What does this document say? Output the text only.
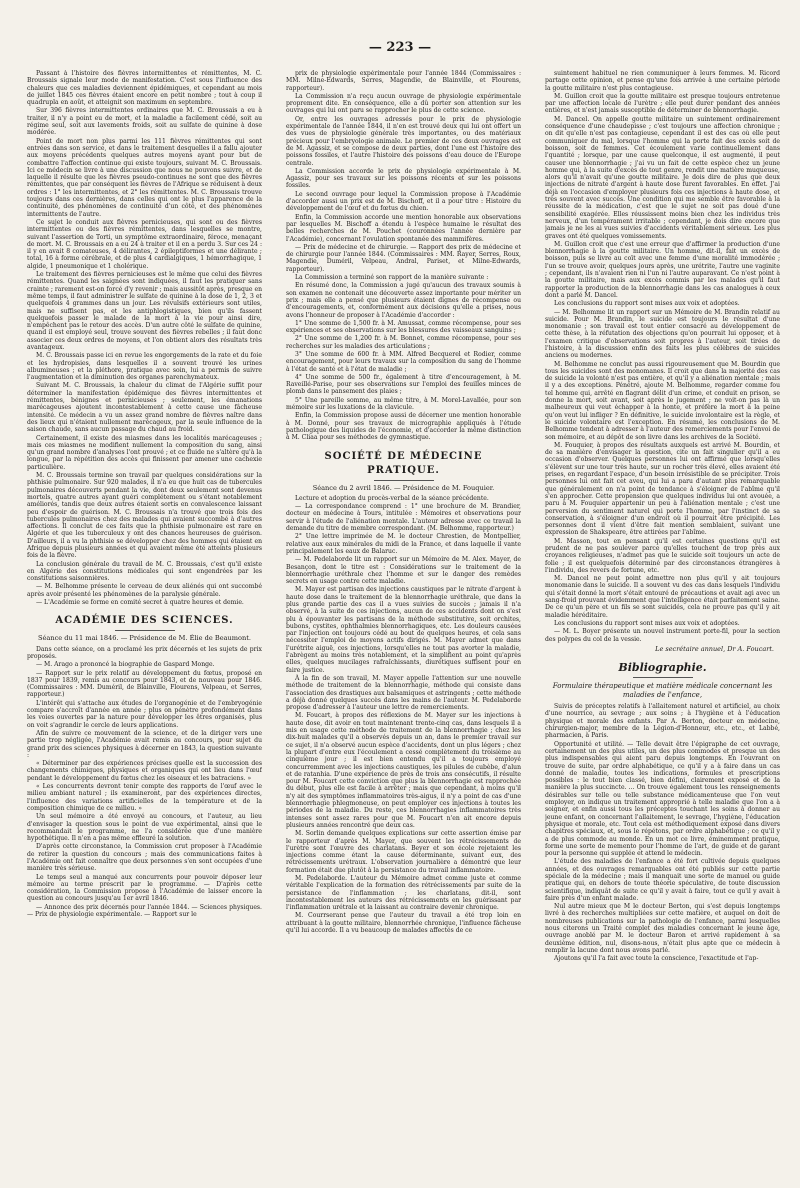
— 223 —

Passant à l'histoire des fièvres intermittentes et rémittentes, M. C. Broussais signale leur mode de manifestation. C'est sous l'influence des chaleurs que ces maladies deviennent épidémiques, et cependant au mois de juillet 1845 ces fièvres étaient encore en petit nombre ; tout à coup il quadrupla en août, et atteignit son maximum en septembre.

Sur 396 fièvres intermittentes ordinaires que M. C. Broussais a eu à traiter, il n'y a point eu de mort, et la maladie a facilement cédé, soit au régime seul, soit aux lavements froids, soit au sulfate de quinine à dose modérée.

Point de mort non plus parmi les 111 fièvres rémittentes qui sont entrées dans son service, et dans le traitement desquelles il a fallu ajouter aux moyens précédents quelques autres moyens ayant pour but de combattre l'affection continue qui existe toujours, suivant M. C. Broussais. Ici ce médecin se livre à une discussion que nous ne pouvons suivre, et de laquelle il résulte que les fièvres pseudo-continues ne sont que des fièvres rémittentes, que par conséquent les fièvres de l'Afrique se réduisent à deux ordres : 1° les intermittentes, et 2° les rémittentes. M. C. Broussais trouve toujours dans ces dernières, dans celles qui ont le plus l'apparence de la continuité, des phénomènes de continuité d'un côté, et des phénomènes intermittents de l'autre.

Ce sujet le conduit aux fièvres pernicieuses, qui sont ou des fièvres intermittentes ou des fièvres rémittentes, dans lesquelles se montre, suivant l'assertion de Torti, un symptôme extraordinaire, féroce, menaçant de mort. M. C. Broussais en a eu 24 à traiter et il en a perdu 3. Sur ces 24 : il y en avait 8 comateuses, 4 délirantes, 2 épileptiformes et une délirante ; total, 16 à forme cérébrale, et de plus 4 cardialgiques, 1 hémorrhagique, 1 algide, 1 pneumonique et 1 cholérique.

Le traitement des fièvres pernicieuses est le même que celui des fièvres rémittentes. Quand les saignées sont indiquées, il faut les pratiquer sans crainte ; rarement est-on forcé d'y revenir ; mais aussitôt après, presque en même temps, il faut administrer le sulfate de quinine à la dose de 1, 2, 3 et quelquefois 4 grammes dans un jour. Les révulsifs extérieurs sont utiles, mais ne suffisent pas, et les antiphlogistiques, bien qu'ils fassent quelquefois passer le malade de la mort à la vie pour ainsi dire, n'empêchent pas le retour des accès. D'un autre côté le sulfate de quinine, quand il est employé seul, trouve souvent des fièvres rebelles ; il faut donc associer ces deux ordres de moyens, et l'on obtient alors des résultats très avantageux.

M. C. Broussais passe ici en revue les engorgements de la rate et du foie et les hydropisies, dans lesquelles il a souvent trouvé les urines albumineuses ; et la pléthore, pratique avec soin, lui a permis de suivre l'augmentation et la diminution des organes parenchymateux.

Suivant M. C. Broussais, la chaleur du climat de l'Algérie suffit pour déterminer la manifestation épidémique des fièvres intermittentes et rémittentes, bénignes et pernicieuses ; seulement, les émanations marécageuses ajoutent incontestablement à cette cause une fâcheuse intensité. Ce médecin a vu un assez grand nombre de fièvres naître dans des lieux qui n'étaient nullement marécageux, par la seule influence de la saison chaude, sans aucun passage du chaud au froid.

Certainement, il existe des miasmes dans les localités marécageuses ; mais ces miasmes ne modifient nullement la composition du sang, ainsi qu'un grand nombre d'analyses l'ont prouvé ; et ce fluide ne s'altère qu'à la longue, par la répétition des accès qui finissent par amener une cachexie particulière.

M. C. Broussais termine son travail par quelques considérations sur la phthisie pulmonaire. Sur 920 malades, il n'a eu que huit cas de tubercules pulmonaires découverts pendant la vie, dont deux seulement sont devenus mortels, quatre autres ayant guéri complétement ou s'étant notablement améliorés, tandis que deux autres étaient sortis en convalescence laissant peu d'espoir de guérison. M. C. Broussais n'a trouvé que trois fois des tubercules pulmonaires chez des malades qui avaient succombé à d'autres affections. Il conclut de ces faits que la phthisie pulmonaire est rare en Algérie et que les tuberculeux y ont des chances heureuses de guérison. D'ailleurs, il a vu la phthisie se développer chez des hommes qui étaient en Afrique depuis plusieurs années et qui avaient même été atteints plusieurs fois de la fièvre.

La conclusion générale du travail de M. C. Broussais, c'est qu'il existe en Algérie des constitutions médicales qui sont engendrées par les constitutions saisonnières.

— M. Belhomme présente le cerveau de deux aliénés qui ont succombé après avoir présenté les phénomènes de la paralysie générale.

— L'Académie se forme en comité secret à quatre heures et demie.

ACADÉMIE DES SCIENCES.
Séance du 11 mai 1846. — Présidence de M. Élie de Beaumont.

Dans cette séance, on a proclamé les prix décernés et les sujets de prix proposés.

— M. Arago a prononcé la biographie de Gaspard Monge.

— Rapport sur le prix relatif au développement du fœtus, proposé en 1837 pour 1839, remis au concours pour 1843, et de nouveau pour 1846. (Commissaires : MM. Duméril, de Blainville, Flourens, Velpeau, et Serres, rapporteur.)

L'intérêt qui s'attache aux études de l'organogénie et de l'embryogénie compare s'accroît d'année en année ; plus on pénètre profondément dans les voies ouvertes par la nature pour développer les êtres organisés, plus on voit s'agrandir le cercle de leurs applications.

Afin de suivre ce mouvement de la science, et de la diriger vers une partie trop négligée, l'Académie avait remis au concours, pour sujet du grand prix des sciences physiques à décerner en 1843, la question suivante :

« Déterminer par des expériences précises quelle est la succession des changements chimiques, physiques et organiques qui ont lieu dans l'œuf pendant le développement du fœtus chez les oiseaux et les batraciens. »

« Les concurrents devront tenir compte des rapports de l'œuf avec le milieu ambiant naturel ; ils examineront, par des expériences directes, l'influence des variations artificielles de la température et de la composition chimique de ce milieu. »

Un seul mémoire a été envoyé au concours, et l'auteur, au lieu d'envisager la question sous le point de vue expérimental, ainsi que le recommandait le programme, ne l'a considérée que d'une manière hypothétique. Il n'en a pas même effleuré la solution.

D'après cette circonstance, la Commission crut proposer à l'Académie de retirer la question du concours ; mais des communications faites à l'Académie ont fait connaître que deux personnes s'en sont occupées d'une manière très sérieuse.

Le temps seul a manqué aux concurrents pour pouvoir déposer leur mémoire au terme prescrit par le programme. — D'après cette considération, la Commission propose à l'Académie de laisser encore la question au concours jusqu'au 1er avril 1846.

— Annonce des prix décernés pour l'année 1844. — Sciences physiques. — Prix de physiologie expérimentale. — Rapport sur le

prix de physiologie expérimentale pour l'année 1844 (Commissaires : MM. Milne-Edwards, Serres, Magendie, de Blainville, et Flourens, rapporteur).

La Commission n'a reçu aucun ouvrage de physiologie expérimentale proprement dite. En conséquence, elle a dû porter son attention sur les ouvrages qui lui ont paru se rapprocher le plus de cette science.

Or, entre les ouvrages adressés pour le prix de physiologie expérimentale de l'année 1844, il n'en est trouvé deux qui lui ont offert un des vues de physiologie générale très importantes, ou des matériaux précieux pour l'embryologie animale. Le premier de ces deux ouvrages est de M. Agassiz, et se compose de deux parties, dont l'une est l'histoire des poissons fossiles, et l'autre l'histoire des poissons d'eau douce de l'Europe centrale.

La Commission accorde le prix de physiologie expérimentale à M. Agassiz, pour ses travaux sur les poissons récents et sur les poissons fossiles.

Le second ouvrage pour lequel la Commission propose à l'Académie d'accorder aussi un prix est de M. Bischoff, et il a pour titre : Histoire du développement de l'œuf et du fœtus du chien.

Enfin, la Commission accorde une mention honorable aux observations par lesquelles M. Bischoff a étendu à l'espèce humaine le résultat des belles recherches de M. Pouchet (couronnées l'année dernière par l'Académie), concernant l'ovulation spontanée des mammifères.

— Prix de médecine et de chirurgie. — Rapport des prix de médecine et de chirurgie pour l'année 1844. (Commissaires : MM. Rayer, Serres, Roux, Magendie, Duméril, Velpeau, Andral, Pariset, et Milne-Edwards, rapporteur).

La Commission a terminé son rapport de la manière suivante :

En résumé donc, la Commission a jugé qu'aucun des travaux soumis à son examen ne contenait une découverte assez importante pour mériter un prix ; mais elle a pensé que plusieurs étaient dignes de récompense ou d'encouragements, et, conformément aux décisions qu'elle a prises, nous avons l'honneur de proposer à l'Académie d'accorder :

1° Une somme de 1,500 fr. à M. Amussat, comme récompense, pour ses expériences et ses observations sur les blessures des vaisseaux sanguins ;

2° Une somme de 1,200 fr. à M. Bonnet, comme récompense, pour ses recherches sur les maladies des articulations ;

3° Une somme de 600 fr. à MM. Alfred Becquerel et Rodier, comme encouragement, pour leurs travaux sur la composition du sang de l'homme à l'état de santé et à l'état de maladie ;

4° Une somme de 500 fr., également à titre d'encouragement, à M. Raveillé-Parise, pour ses observations sur l'emploi des feuilles minces de plomb dans le pansement des plaies ;

5° Une pareille somme, au même titre, à M. Morel-Lavallée, pour son mémoire sur les luxations de la clavicule.

Enfin, la Commission propose aussi de décerner une mention honorable à M. Donné, pour ses travaux de micrographie appliqués à l'étude pathologique des liquides de l'économie, et d'accorder la même distinction à M. Cliaa pour ses méthodes de gymnastique.

SOCIÉTÉ DE MÉDECINE PRATIQUE.
Séance du 2 avril 1846. — Présidence de M. Fouquier.

Lecture et adoption du procès-verbal de la séance précédente.

— La correspondance comprend : 1° une brochure de M. Brandier, docteur en médecine à Tours, intitulée : Mémoires et observations pour servir à l'étude de l'aliénation mentale. L'auteur adresse avec ce travail la demande du titre de membre correspondant. (M. Belhomme, rapporteur.)

2° Une lettre imprimée de M. le docteur Chrestien, de Montpellier, relative aux eaux minérales du midi de la France, et dans laquelle il vante principalement les eaux de Balaruc.

— M. Pedelaborde lit un rapport sur un Mémoire de M. Alex. Mayer, de Besançon, dont le titre est : Considérations sur le traitement de la blennorrhagie uréthrale chez l'homme et sur le danger des remèdes secrets en usage contre cette maladie.

M. Mayer est partisan des injections caustiques par le nitrate d'argent à haute dose dans le traitement de la blennorrhagie uréthrale, que dans la plus grande partie des cas il a vues suivies de succès ; jamais il n'a observé, à la suite de ces injections, aucun de ces accidents dont on s'est plu à épouvanter les partisans de la méthode substitutive, soit orchites, bubons, cystites, ophthalmies blennorrhagiques, etc. Les douleurs causées par l'injection ont toujours cédé au bout de quelques heures, et cela sans nécessiter l'emploi de moyens actifs dirigés. M. Mayer admet que dans l'urétrite aiguë, ces injections, lorsqu'elles ne tout pas avorter la maladie, l'abrègent au moins très notablement, et la simplifient au point qu'après elles, quelques mucilages rafraîchissants, diurétiques suffisent pour en faire justice.

À la fin de son travail, M. Mayer appelle l'attention sur une nouvelle méthode de traitement de la blennorrhagie, méthode qui consiste dans l'association des drastiques aux balsamiques et astringents ; cette méthode a déjà donné quelques succès dans les mains de l'auteur. M. Pedelaborde propose d'adresser à l'auteur une lettre de remerciements.

M. Foucart, à propos des réflexions de M. Mayer sur les injections à haute dose, dit avoir en tout maintenant trente-cinq cas, dans lesquels il a mis en usage cette méthode de traitement de la blennorrhagie ; chez les dix-huit malades qu'il a observés depuis un an, dans le premier travail sur ce sujet, il n'a observé aucun espèce d'accidents, dont un plus légers ; chez la plupart d'entre eux l'écoulement a cessé complètement du troisième au cinquième jour ; il est bien entendu qu'il a toujours employé concurremment avec les injections caustiques, les pilules de cubèbe, d'alun et de ratanhia. D'une expérience de près de trois ans consécutifs, il résulte pour M. Foucart cette conviction que plus la blennorrhagie est rapprochée du début, plus elle est facile à arrêter ; mais que cependant, à moins qu'il n'y ait des symptômes inflammatoires très-aigus, il n'y a point de cas d'une blennorrhagie phlegmoneuse, on peut employer ces injections à toutes les périodes de la maladie. Du reste, ces blennorrhagies inflammatoires très intenses sont assez rares pour que M. Foucart n'en ait encore depuis plusieurs années rencontré que deux cas.

M. Sorlin demande quelques explications sur cette assertion émise par le rapporteur d'après M. Mayer, que souvent les rétrécissements de l'urètre sont l'œuvre des charlatans. Beyer et son école rejetaient les injections comme étant la cause déterminante, suivant eux, des rétrécissements urétraux. L'observation journalière a démontré que leur formation était due plutôt à la persistance du travail inflammatoire.

M. Pedelaborde. L'auteur du Mémoire admet comme juste et comme véritable l'explication de la formation des rétrécissements par suite de la persistance de l'inflammation ; les charlatans, dit-il, sont incontestablement les auteurs des rétrécissements en les guérissant par l'inflammation urétrale et la laissant au contraire devenir chronique.

M. Courrserant pense que l'auteur du travail a été trop loin en attribuant à la goutte militaire, blennorrhée chronique, l'influence fâcheuse qu'il lui accorde. Il a vu beaucoup de malades affectés de ce

suintement habituel ne rien communiquer à leurs femmes. M. Ricord partage cette opinion, et pense qu'une fois arrivée à une certaine période la goutte militaire n'est plus contagieuse.

M. Guillon croit que la goutte militaire est presque toujours entretenue par une affection locale de l'urètre ; elle peut durer pendant des années entières, et n'est jamais susceptible de déterminer de blennorrhagie.

M. Dancel. On appelle goutte militaire un suintement ordinairement conséquence d'une chaudepisse ; c'est toujours une affection chronique ; on dit qu'elle n'est pas contagieuse, cependant il est des cas où elle peut communiquer du mal, lorsque l'homme qui la porte fait des excès soit de boisson, soit de femmes. Cet écoulement varie continuellement dans l'quantité ; lorsque, par une cause quelconque, il est augmenté, il peut causer une blennorrhagie ; j'ai vu un fait de cette espèce chez un jeune homme qui, à la suite d'excès de tout genre, rendit une matière muqueuse, alors qu'il n'avait qu'une goutte militaire. Je dois dire de plus que deux injections de nitrate d'argent à haute dose furent favorables. En effet. J'ai déjà en l'occasion d'employer plusieurs fois ces injections à haute dose, et très souvent avec succès. Une condition qui me semble être favorable à la réussite de la médication, c'est que le sujet ne soit pas doué d'une sensibilité exagérée. Elles réussissent moins bien chez les individus très nerveux, d'un tempérament irritable ; cependant, je dois dire encore que jamais je ne les ai vues suivies d'accidents véritablement sérieux. Les plus graves ont été quelques vomissements.

M. Guillon croit que c'est une erreur que d'affirmer la production d'une blennorrhagie à la goutte militaire. Un homme, dit-il, fait un excès de boisson, puis se livre au coït avec une femme d'une moralité immodérée ; l'un se trouve avoir, quelques jours après, une urétrite, l'autre une vaginite ; cependant, ils n'avaient rien ni l'un ni l'autre auparavant. Ce n'est point à la goutte militaire, mais aux excès commis par les malades qu'il faut rapporter la production de la blennorrhagie dans les cas analogues à ceux dont a parlé M. Dancel.

Les conclusions du rapport sont mises aux voix et adoptées.

— M. Belhomme lit un rapport sur un Mémoire de M. Brandin relatif au suicide. Pour M. Brandin, le suicide est toujours le résultat d'une monomanie ; son travail est tout entier consacré au développement de cette thèse, à la réfutation des objections qu'on pourrait lui opposer, et à l'examen critique d'observations soit propres à l'auteur, soit tirées de l'histoire, à la discussion enfin des faits les plus célèbres de suicides anciens ou modernes.

M. Belhomme ne conclut pas aussi rigoureusement que M. Bourdin que tous les suicides sont des monomanes. Il croit que dans la majorité des cas de suicide la volonté n'est pas entière, et qu'il y a aliénation mentale ; mais il y a des exceptions. Pénétré, ajoute M. Belhomme, regarder comme fou tel homme qui, arrêté en flagrant délit d'un crime, et conduit en prison, se donne la mort, soit avant, soit après le jugement ; ne voit-on pas là un malheureux qui veut échapper à la honte, et préfère la mort à la peine qu'on veut lui infliger ? En définitive, le suicide involontaire est la règle, et le suicide volontaire est l'exception. En résumé, les conclusions de M. Belhomme tendent à adresser à l'auteur des remerciements pour l'envoi de son mémoire, et au dépôt de son livre dans les archives de la Société.

M. Fouquier, à propos des résultats auxquels est arrivé M. Bourdin, et de sa manière d'envisager la question, cite un fait singulier qu'il a eu occasion d'observer. Quelques personnes lui ont affirmé que lorsqu'elles s'élèvent sur une tour très haute, sur un rocher très élevé, elles avaient été prises, en regardant l'espace, d'un besoin irrésistible de se précipiter. Trois personnes lui ont fait cet aveu, qui lui a paru d'autant plus remarquable que généralement on n'a point de tendance à s'éloigner de l'abîme qu'il s'en approcher. Cette propension que quelques individus lui ont avouée, a paru à M. Fouquier appartenir un peu à l'aliénation mentale ; c'est une perversion du sentiment naturel qui porte l'homme, par l'instinct de sa conservation, à s'éloigner d'un endroit où il pourrait être précipité. Les personnes dont il vient d'être fait mention semblaient, suivant une expression de Shakspeare, être attirées par l'abîme.

M. Masson, tout en pensant qu'il est certaines questions qu'il est prudent de ne pas soulever parce qu'elles touchent de trop près aux croyances religieuses, n'admet pas que le suicide soit toujours un acte de folie ; il est quelquefois déterminé par des circonstances étrangères à l'individu, des revers de fortune, etc.

M. Dancel ne peut point admettre non plus qu'il y ait toujours monomanie dans le suicide. Il a souvent vu des cas dans lesquels l'individu qui s'était donné la mort s'était entouré de précautions et avait agi avec un sang-froid prouvant évidemment que l'intelligence était parfaitement saine. De ce qu'un père et un fils se sont suicidés, cela ne prouve pas qu'il y ait maladie héréditaire.

Les conclusions du rapport sont mises aux voix et adoptées.

— M. L. Boyer présente un nouvel instrument porte-fil, pour la section des polypes du col de la vessie.

Le secrétaire annuel, Dr A. Foucart.
Bibliographie.
Formulaire thérapeutique et matière médicale concernant les maladies de l'enfance,

Suivis de préceptes relatifs à l'allaitement naturel et artificiel, au choix d'une nourrice, au sevrage ; aux soins ; à l'hygiène et à l'éducation physique et morale des enfants. Par A. Berton, docteur en médecine, chirurgien-major, membre de la Légion-d'Honneur, etc., etc., et Labbé, pharmacien, à Paris.

Opportunité et utilité. — Telle devait être l'épigraphe de cet ouvrage, certainement un des plus utiles, un des plus commodes et presque un des plus indispensables qui aient paru depuis longtemps. En l'ouvrant on trouve de suite, par ordre alphabétique, ce qu'il y a à faire dans un cas donné de maladie, toutes les indications, formules et prescriptions possibles : le tout bien classé, bien défini, clairement exposé et de la manière la plus succincte. ... On trouve également tous les renseignements désirables sur telle ou telle substance médicamenteuse que l'on veut employer, on indique un traitement approprié à telle maladie que l'on a à soigner, et enfin aussi tous les préceptes touchant les soins à donner au jeune enfant, on concernant l'allaitement, le sevrage, l'hygiène, l'éducation physique et morale, etc. Tout cela est méthodiquement exposé dans divers chapitres spéciaux, et, sous le répétons, par ordre alphabétique ; ce qu'il y a de plus commode au monde. En un mot ce livre, éminemment pratique, forme une sorte de memento pour l'homme de l'art, de guide et de garant pour la personne qui supplée et attend le médecin.

L'étude des maladies de l'enfance a été fort cultivée depuis quelques années, et des ouvrages remarquables ont été publiés sur cette partie spéciale de la médecine ; mais il manquait une sorte de manuel ou guide pratique qui, en dehors de toute théorie spéculative, de toute discussion scientifique, indiquât de suite ce qu'il y avait à faire, tout ce qu'il y avait à faire près d'un enfant malade.

Nul autre mieux que M le docteur Berton, qui s'est depuis longtemps livré à des recherches multipliées sur cette matière, et auquel on doit de nombreuses publications sur la pathologie de l'enfance, parmi lesquelles nous citerons un Traité complet des maladies concernant le jeune âge, ouvrage anoblé par M. le docteur Baron et arrivé rapidement à sa deuxième édition, nul, disons-nous, n'était plus apte que ce médecin à remplir la lacune dont nous avons parlé.

Ajoutons qu'il l'a fait avec toute la conscience, l'exactitude et l'ap-
